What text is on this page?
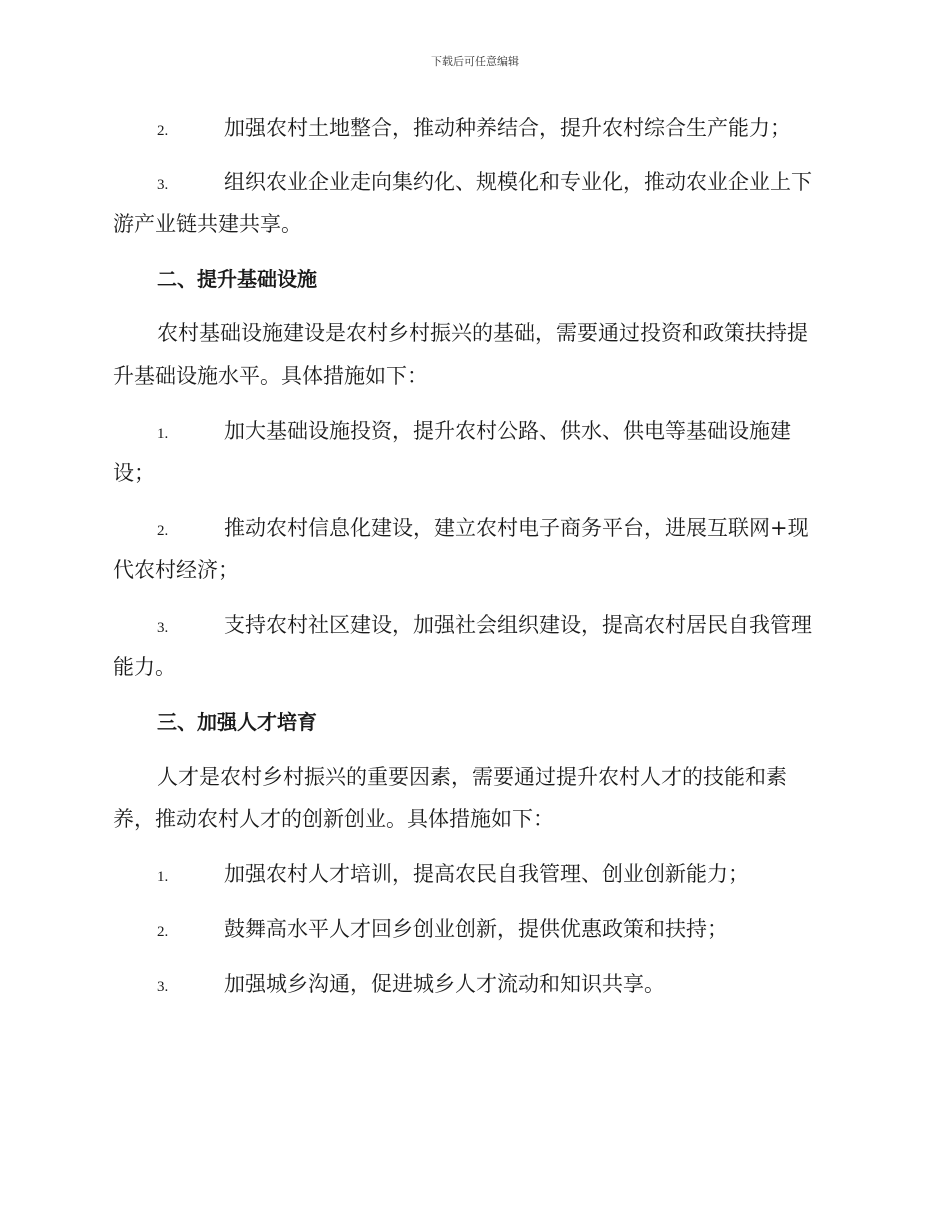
下载后可任意编辑
2.	加强农村土地整合，推动种养结合，提升农村综合生产能力；
3.	组织农业企业走向集约化、规模化和专业化，推动农业企业上下
游产业链共建共享。
二、提升基础设施
农村基础设施建设是农村乡村振兴的基础，需要通过投资和政策扶持提
升基础设施水平。具体措施如下：
1.	加大基础设施投资，提升农村公路、供水、供电等基础设施建
设；
2.	推动农村信息化建设，建立农村电子商务平台，进展互联网+现
代农村经济；
3.	支持农村社区建设，加强社会组织建设，提高农村居民自我管理
能力。
三、加强人才培育
人才是农村乡村振兴的重要因素，需要通过提升农村人才的技能和素
养，推动农村人才的创新创业。具体措施如下：
1.	加强农村人才培训，提高农民自我管理、创业创新能力；
2.	鼓舞高水平人才回乡创业创新，提供优惠政策和扶持；
3.	加强城乡沟通，促进城乡人才流动和知识共享。
